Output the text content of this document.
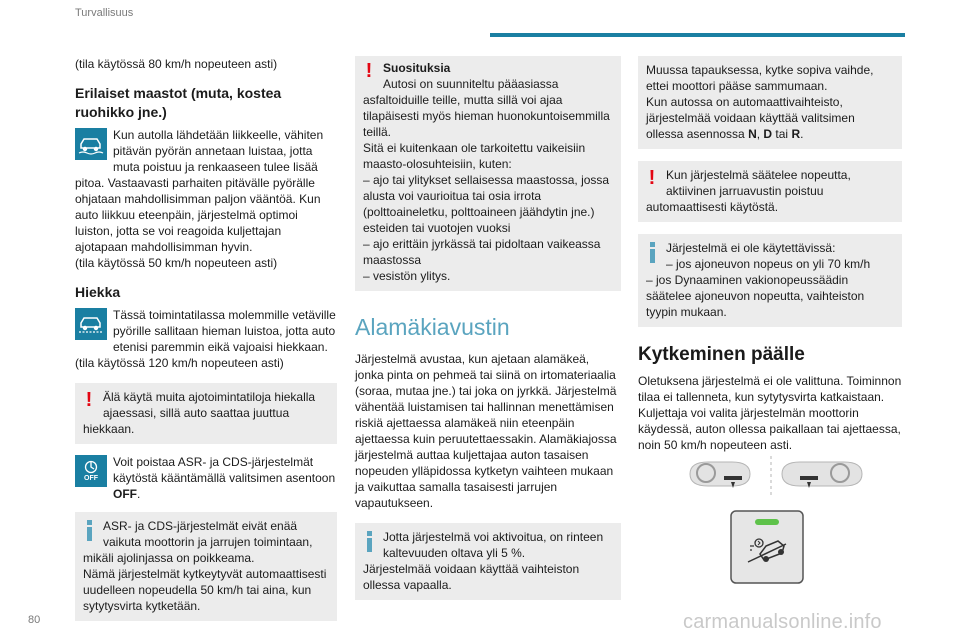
Turvallisuus

(tila käytössä 80 km/h nopeuteen asti)

Erilaiset maastot (muta, kostea ruohikko jne.)

Kun autolla lähdetään liikkeelle, vähiten pitävän pyörän annetaan luistaa, jotta muta poistuu ja renkaaseen tulee lisää pitoa. Vastaavasti parhaiten pitävälle pyörälle ohjataan mahdollisimman paljon vääntöä. Kun auto liikkuu eteenpäin, järjestelmä optimoi luiston, jotta se voi reagoida kuljettajan ajotapaan mahdollisimman hyvin.

(tila käytössä 50 km/h nopeuteen asti)

Hiekka

Tässä toimintatilassa molemmille vetäville pyörille sallitaan hieman luistoa, jotta auto etenisi paremmin eikä vajoaisi hiekkaan.

(tila käytössä 120 km/h nopeuteen asti)

! Älä käytä muita ajotoimintatiloja hiekalla ajaessasi, sillä auto saattaa juuttua hiekkaan.
OFF
Voit poistaa ASR- ja CDS-järjestelmät käytöstä kääntämällä valitsimen asentoon OFF.
ASR- ja CDS-järjestelmät eivät enää vaikuta moottorin ja jarrujen toimintaan, mikäli ajolinjassa on poikkeama.
Nämä järjestelmät kytkeytyvät automaattisesti uudelleen nopeudella 50 km/h tai aina, kun sytytysvirta kytketään.
! Suosituksia
Autosi on suunniteltu pääasiassa asfaltoiduille teille, mutta sillä voi ajaa tilapäisesti myös hieman huonokuntoisemmilla teillä.
Sitä ei kuitenkaan ole tarkoitettu vaikeisiin maasto-olosuhteisiin, kuten:
– ajo tai ylitykset sellaisessa maastossa, jossa alusta voi vaurioitua tai osia irrota (polttoaineletku, polttoaineen jäähdytin jne.) esteiden tai vuotojen vuoksi
– ajo erittäin jyrkässä tai pidoltaan vaikeassa maastossa
– vesistön ylitys.

Alamäkiavustin

Järjestelmä avustaa, kun ajetaan alamäkeä, jonka pinta on pehmeä tai siinä on irtomateriaalia (soraa, mutaa jne.) tai joka on jyrkkä. Järjestelmä vähentää luistamisen tai hallinnan menettämisen riskiä ajettaessa alamäkeä niin eteenpäin ajettaessa kuin peruutettaessakin. Alamäkiajossa järjestelmä auttaa kuljettajaa auton tasaisen nopeuden ylläpidossa kytketyn vaihteen mukaan ja vaikuttaa samalla tasaisesti jarrujen vapautukseen.

Jotta järjestelmä voi aktivoitua, on rinteen kaltevuuden oltava yli 5 %.
Järjestelmää voidaan käyttää vaihteiston ollessa vapaalla.
Muussa tapauksessa, kytke sopiva vaihde, ettei moottori pääse sammumaan.
Kun autossa on automaattivaihteisto, järjestelmää voidaan käyttää valitsimen ollessa asennossa N, D tai R.
! Kun järjestelmä säätelee nopeutta, aktiivinen jarruavustin poistuu automaattisesti käytöstä.
Järjestelmä ei ole käytettävissä:
– jos ajoneuvon nopeus on yli 70 km/h
– jos Dynaaminen vakionopeussäädin säätelee ajoneuvon nopeutta, vaihteiston tyypin mukaan.

Kytkeminen päälle

Oletuksena järjestelmä ei ole valittuna. Toiminnon tilaa ei tallenneta, kun sytytysvirta katkaistaan. Kuljettaja voi valita järjestelmän moottorin käydessä, auton ollessa paikallaan tai ajettaessa, noin 50 km/h nopeuteen asti.

80	carmanualsonline.info
